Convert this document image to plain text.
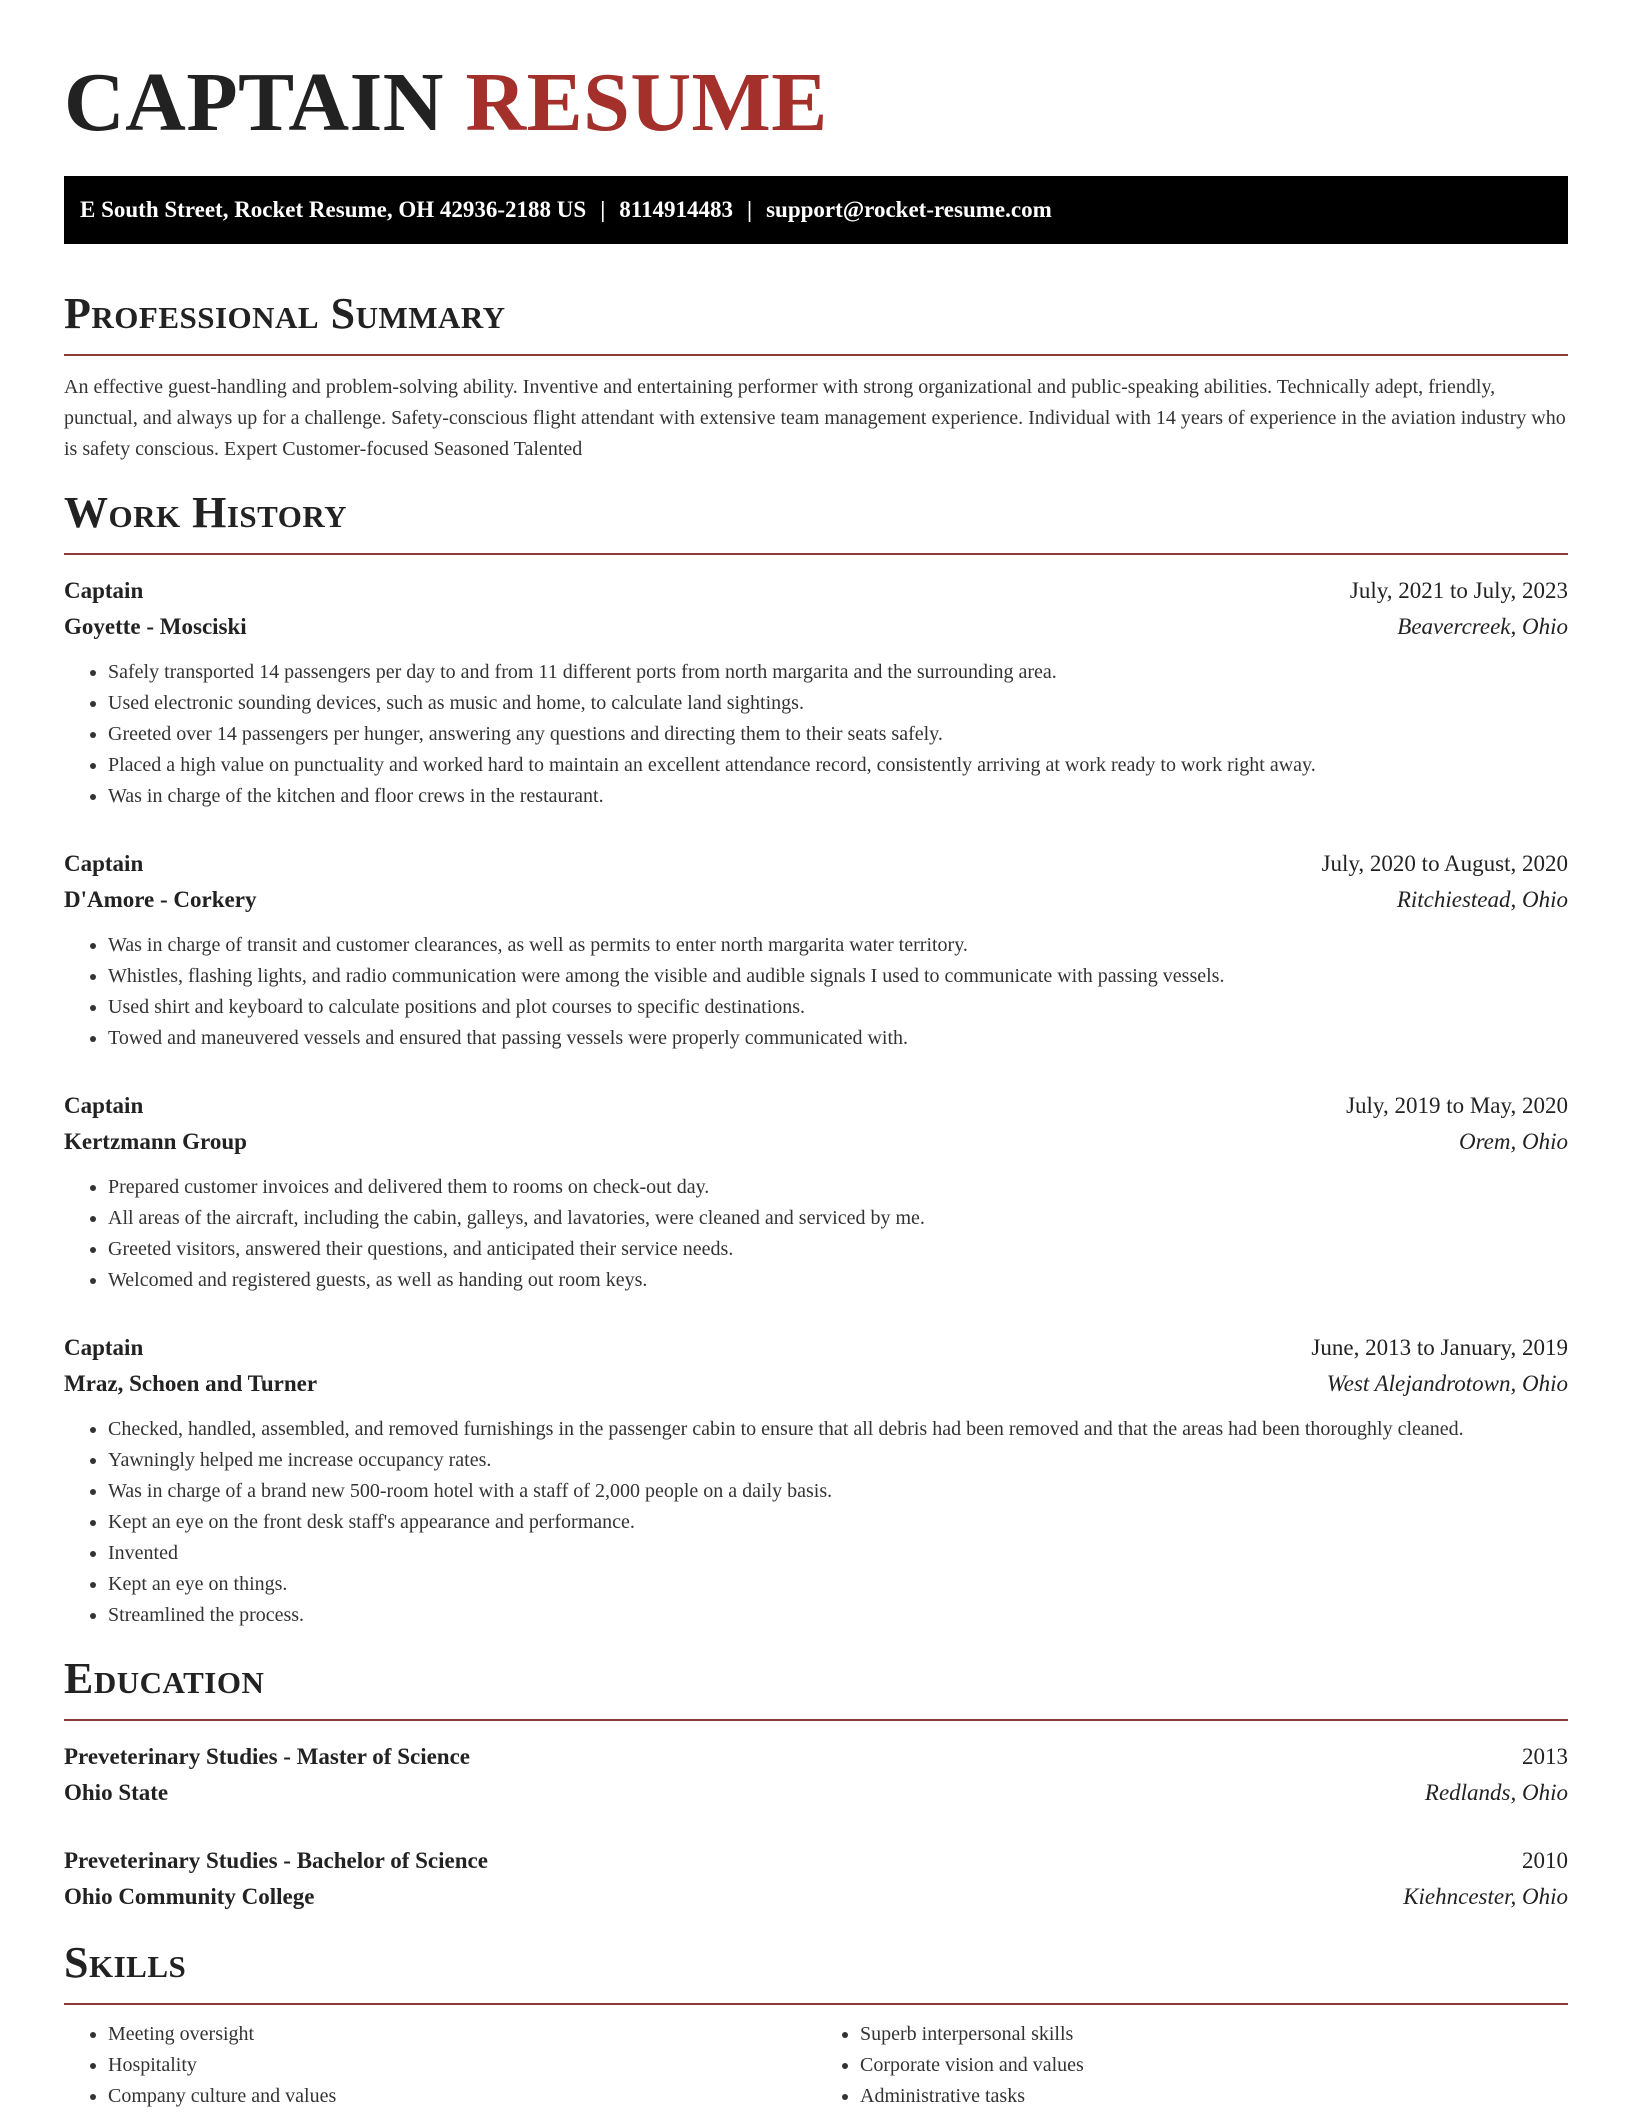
CAPTAIN RESUME
E South Street, Rocket Resume, OH 42936-2188 US | 8114914483 | support@rocket-resume.com
Professional Summary

An effective guest-handling and problem-solving ability. Inventive and entertaining performer with strong organizational and public-speaking abilities. Technically adept, friendly, punctual, and always up for a challenge. Safety-conscious flight attendant with extensive team management experience. Individual with 14 years of experience in the aviation industry who is safety conscious. Expert Customer-focused Seasoned Talented

Work History
Captain	July, 2021 to July, 2023
Goyette - Mosciski	Beavercreek, Ohio
• Safely transported 14 passengers per day to and from 11 different ports from north margarita and the surrounding area.
• Used electronic sounding devices, such as music and home, to calculate land sightings.
• Greeted over 14 passengers per hunger, answering any questions and directing them to their seats safely.
• Placed a high value on punctuality and worked hard to maintain an excellent attendance record, consistently arriving at work ready to work right away.
• Was in charge of the kitchen and floor crews in the restaurant.
Captain	July, 2020 to August, 2020
D'Amore - Corkery	Ritchiestead, Ohio
• Was in charge of transit and customer clearances, as well as permits to enter north margarita water territory.
• Whistles, flashing lights, and radio communication were among the visible and audible signals I used to communicate with passing vessels.
• Used shirt and keyboard to calculate positions and plot courses to specific destinations.
• Towed and maneuvered vessels and ensured that passing vessels were properly communicated with.
Captain	July, 2019 to May, 2020
Kertzmann Group	Orem, Ohio
• Prepared customer invoices and delivered them to rooms on check-out day.
• All areas of the aircraft, including the cabin, galleys, and lavatories, were cleaned and serviced by me.
• Greeted visitors, answered their questions, and anticipated their service needs.
• Welcomed and registered guests, as well as handing out room keys.
Captain	June, 2013 to January, 2019
Mraz, Schoen and Turner	West Alejandrotown, Ohio
• Checked, handled, assembled, and removed furnishings in the passenger cabin to ensure that all debris had been removed and that the areas had been thoroughly cleaned.
• Yawningly helped me increase occupancy rates.
• Was in charge of a brand new 500-room hotel with a staff of 2,000 people on a daily basis.
• Kept an eye on the front desk staff's appearance and performance.
• Invented
• Kept an eye on things.
• Streamlined the process.
Education
Preveterinary Studies - Master of Science	2013
Ohio State	Redlands, Ohio
Preveterinary Studies - Bachelor of Science	2010
Ohio Community College	Kiehncester, Ohio
Skills
• Meeting oversight
• Hospitality
• Company culture and values
• Superb interpersonal skills
• Corporate vision and values
• Administrative tasks
